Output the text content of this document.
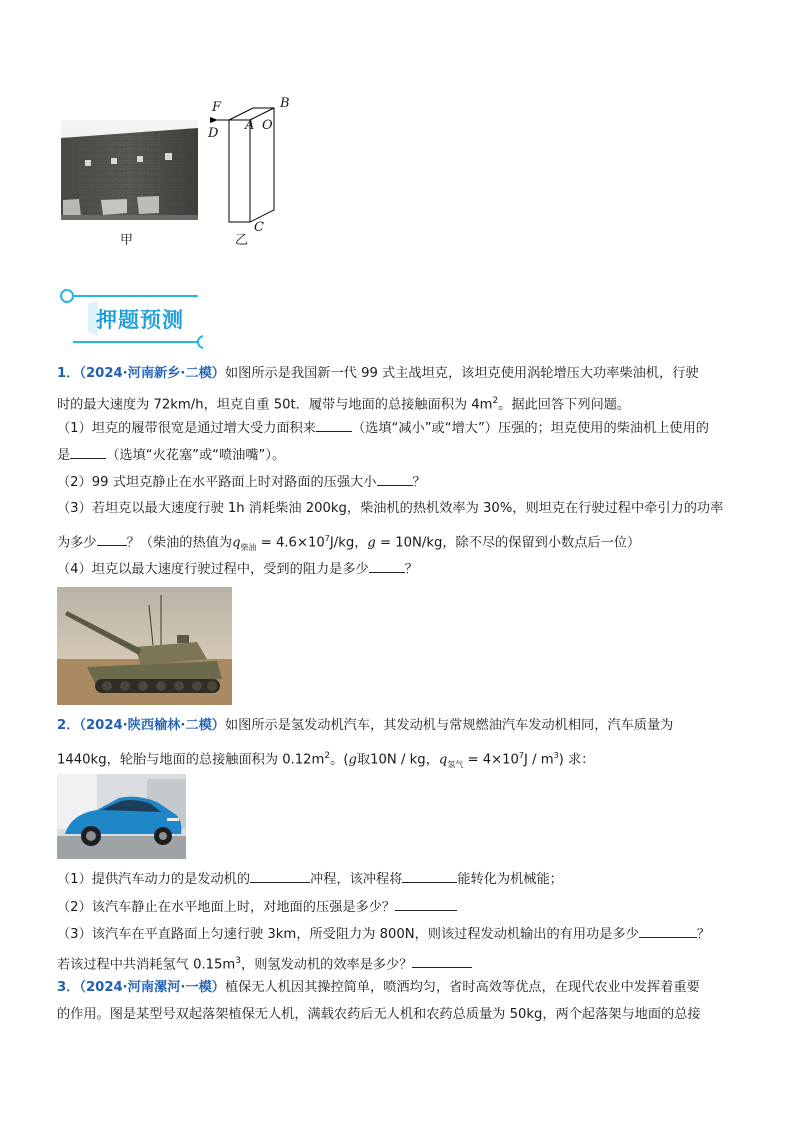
甲
F
D
A O
B
C
乙
押题预测
1．（2024·河南新乡·二模）如图所示是我国新一代 99 式主战坦克，该坦克使用涡轮增压大功率柴油机，行驶
时的最大速度为 72km/h，坦克自重 50t．履带与地面的总接触面积为 $4m^2$。据此回答下列问题。
（1）坦克的履带很宽是通过增大受力面积来	（选填“减小”或“增大”）压强的；坦克使用的柴油机上使用的
是	（选填“火花塞”或“喷油嘴”）。
（2）99 式坦克静止在水平路面上时对路面的压强大小	？
（3）若坦克以最大速度行驶 1h 消耗柴油 200kg，柴油机的热机效率为 30%，则坦克在行驶过程中牵引力的功率
为多少 ？（柴油的热值为$q_{柴油} = 4.6\times 10^7J/kg$，g = 10N/kg，除不尽的保留到小数点后一位）
（4）坦克以最大速度行驶过程中，受到的阻力是多少	？
2．（2024·陕西榆林·二模）如图所示是氢发动机汽车，其发动机与常规燃油汽车发动机相同，汽车质量为
1440kg，轮胎与地面的总接触面积为 $0.12m^2$。(g取10N / kg，$q_{氢气} = 4\times 10^7J / m^3$) 求：
（1）提供汽车动力的是发动机的	冲程，该冲程将	能转化为机械能；
（2）该汽车静止在水平地面上时，对地面的压强是多少？
（3）该汽车在平直路面上匀速行驶 3km，所受阻力为 800N，则该过程发动机输出的有用功是多少	？
若该过程中共消耗氢气 $0.15m^3$，则氢发动机的效率是多少？
3．（2024·河南漯河·一模）植保无人机因其操控简单，喷洒均匀，省时高效等优点，在现代农业中发挥着重要
的作用。图是某型号双起落架植保无人机，满载农药后无人机和农药总质量为 50kg，两个起落架与地面的总接
